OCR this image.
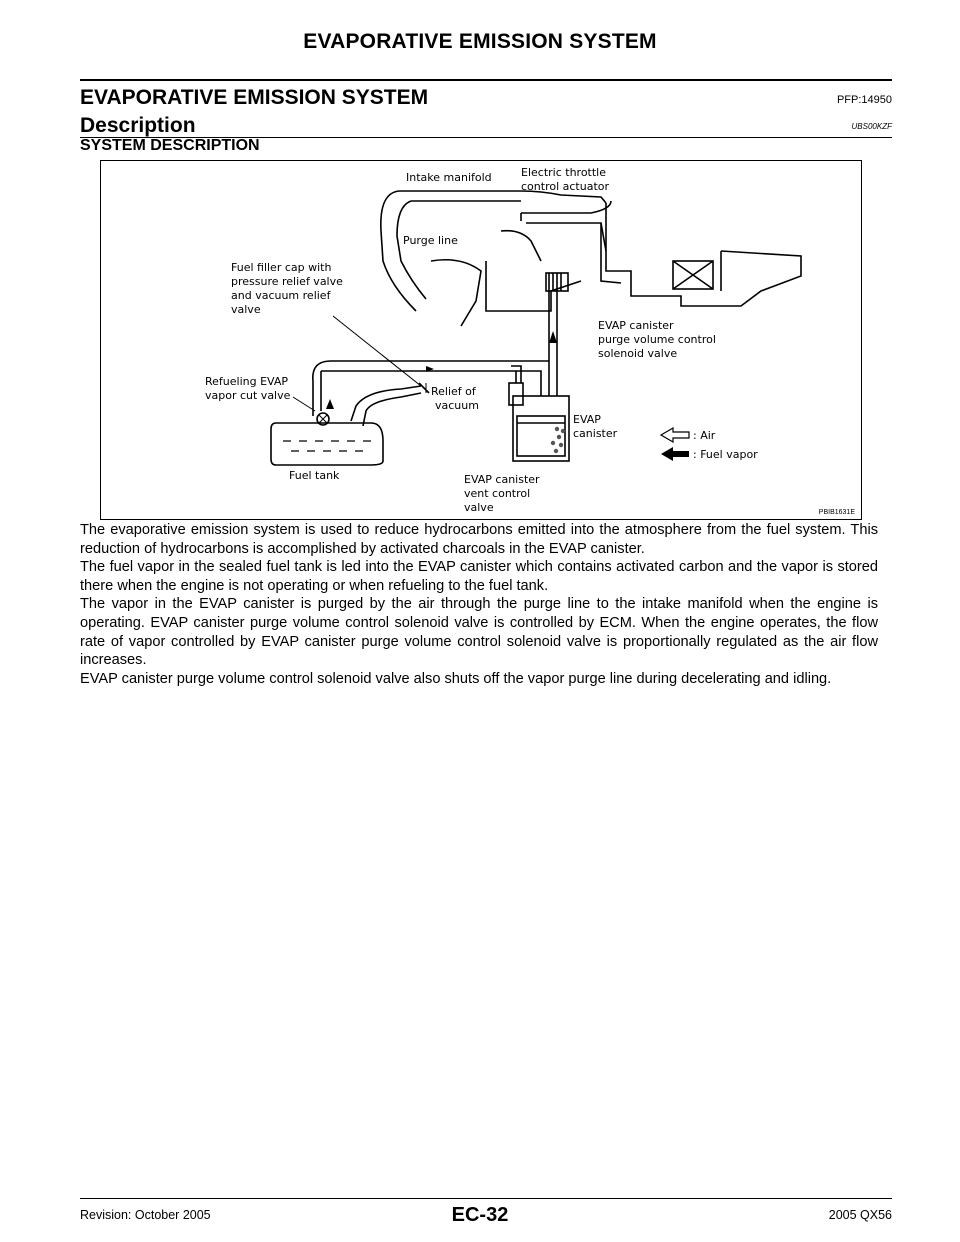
EVAPORATIVE EMISSION SYSTEM
EVAPORATIVE EMISSION SYSTEM	PFP:14950
Description	UBS00KZF
SYSTEM DESCRIPTION
Intake manifold	Electric throttle
control actuator
Purge line
Fuel filler cap with
pressure relief valve
and vacuum relief
valve
EVAP canister
purge volume control
solenoid valve
Refueling EVAP
vapor cut valve	Relief of
vacuum
EVAP
canister	: Air
: Fuel vapor
Fuel tank	EVAP canister
vent control
valve	PBIB1631E

The evaporative emission system is used to reduce hydrocarbons emitted into the atmosphere from the fuel system. This reduction of hydrocarbons is accomplished by activated charcoals in the EVAP canister.

The fuel vapor in the sealed fuel tank is led into the EVAP canister which contains activated carbon and the vapor is stored there when the engine is not operating or when refueling to the fuel tank.

The vapor in the EVAP canister is purged by the air through the purge line to the intake manifold when the engine is operating. EVAP canister purge volume control solenoid valve is controlled by ECM. When the engine operates, the flow rate of vapor controlled by EVAP canister purge volume control solenoid valve is proportionally regulated as the air flow increases.

EVAP canister purge volume control solenoid valve also shuts off the vapor purge line during decelerating and idling.

Revision: October 2005	EC-32	2005 QX56
